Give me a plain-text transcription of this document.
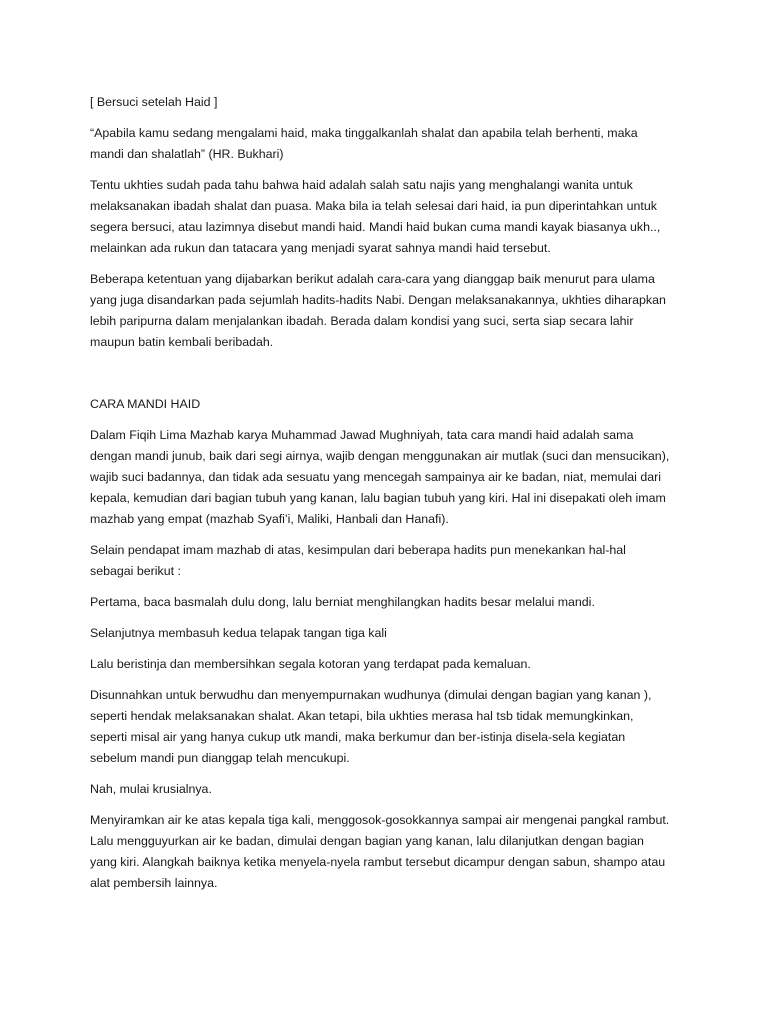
[ Bersuci setelah Haid ]

“Apabila kamu sedang mengalami haid, maka tinggalkanlah shalat dan apabila telah berhenti, maka
mandi dan shalatlah” (HR. Bukhari)

Tentu ukhties sudah pada tahu bahwa haid adalah salah satu najis yang menghalangi wanita untuk
melaksanakan ibadah shalat dan puasa. Maka bila ia telah selesai dari haid, ia pun diperintahkan untuk
segera bersuci, atau lazimnya disebut mandi haid. Mandi haid bukan cuma mandi kayak biasanya ukh..,
melainkan ada rukun dan tatacara yang menjadi syarat sahnya mandi haid tersebut.

Beberapa ketentuan yang dijabarkan berikut adalah cara-cara yang dianggap baik menurut para ulama
yang juga disandarkan pada sejumlah hadits-hadits Nabi. Dengan melaksanakannya, ukhties diharapkan
lebih paripurna dalam menjalankan ibadah. Berada dalam kondisi yang suci, serta siap secara lahir
maupun batin kembali beribadah.

CARA MANDI HAID

Dalam Fiqih Lima Mazhab karya Muhammad Jawad Mughniyah, tata cara mandi haid adalah sama
dengan mandi junub, baik dari segi airnya, wajib dengan menggunakan air mutlak (suci dan mensucikan),
wajib suci badannya, dan tidak ada sesuatu yang mencegah sampainya air ke badan, niat, memulai dari
kepala, kemudian dari bagian tubuh yang kanan, lalu bagian tubuh yang kiri. Hal ini disepakati oleh imam
mazhab yang empat (mazhab Syafi’i, Maliki, Hanbali dan Hanafi).

Selain pendapat imam mazhab di atas, kesimpulan dari beberapa hadits pun menekankan hal-hal
sebagai berikut :

Pertama, baca basmalah dulu dong, lalu berniat menghilangkan hadits besar melalui mandi.

Selanjutnya membasuh kedua telapak tangan tiga kali

Lalu beristinja dan membersihkan segala kotoran yang terdapat pada kemaluan.

Disunnahkan untuk berwudhu dan menyempurnakan wudhunya (dimulai dengan bagian yang kanan ),
seperti hendak melaksanakan shalat. Akan tetapi, bila ukhties merasa hal tsb tidak memungkinkan,
seperti misal air yang hanya cukup utk mandi, maka berkumur dan ber-istinja disela-sela kegiatan
sebelum mandi pun dianggap telah mencukupi.

Nah, mulai krusialnya.

Menyiramkan air ke atas kepala tiga kali, menggosok-gosokkannya sampai air mengenai pangkal rambut.
Lalu mengguyurkan air ke badan, dimulai dengan bagian yang kanan, lalu dilanjutkan dengan bagian
yang kiri. Alangkah baiknya ketika menyela-nyela rambut tersebut dicampur dengan sabun, shampo atau
alat pembersih lainnya.
